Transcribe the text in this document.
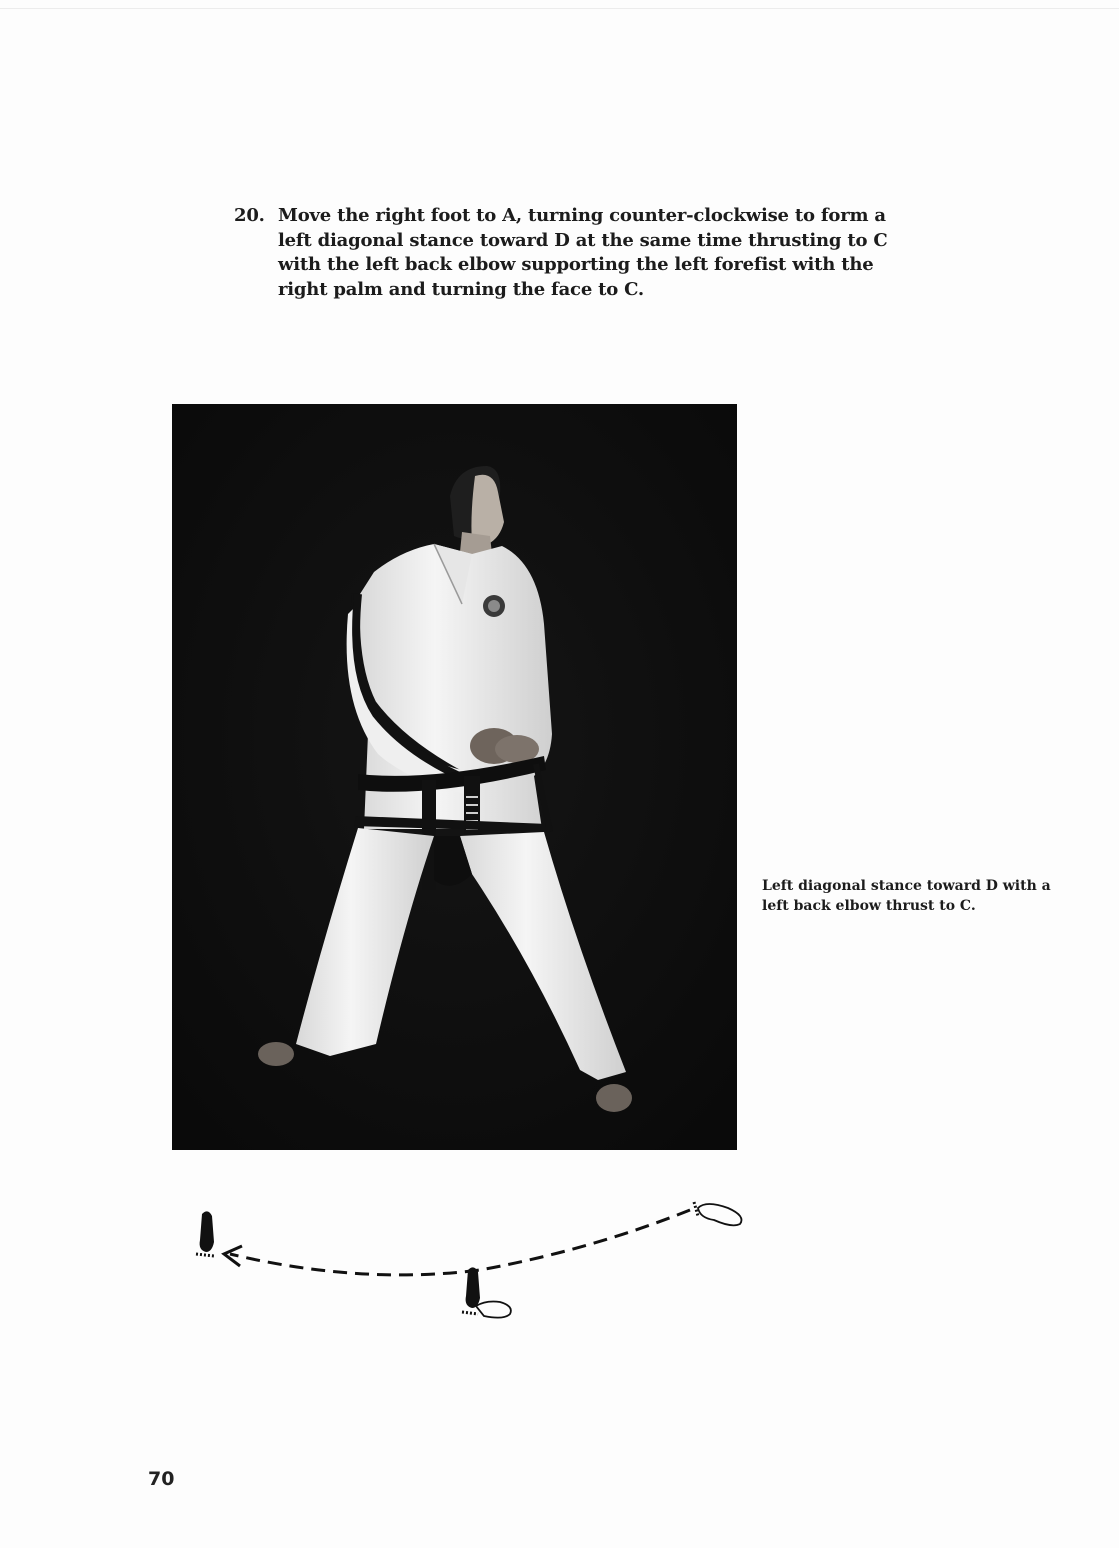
20. Move the right foot to A, turning counter-clockwise to form a left diagonal stance toward D at the same time thrusting to C with the left back elbow supporting the left forefist with the right palm and turning the face to C.
Left diagonal stance toward D with a left back elbow thrust to C.
70
